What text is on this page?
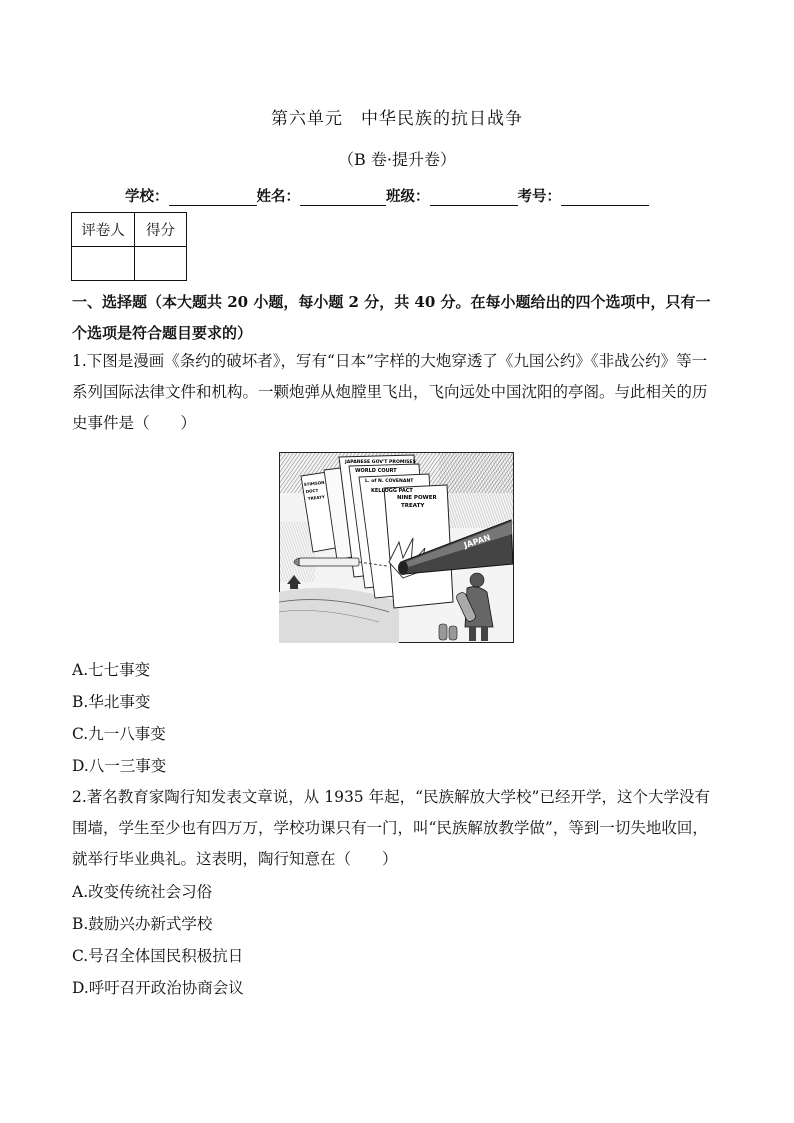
第六单元　中华民族的抗日战争
（B 卷·提升卷）
学校：	姓名：	班级：	考号：
评卷人	得分

一、选择题（本大题共 20 小题，每小题 2 分，共 40 分。在每小题给出的四个选项中，只有一个选项是符合题目要求的）
1.下图是漫画《条约的破坏者》，写有“日本”字样的大炮穿透了《九国公约》《非战公约》等一系列国际法律文件和机构。一颗炮弹从炮膛里飞出，飞向远处中国沈阳的亭阁。与此相关的历史事件是（　　）
JAPANESE GOV'T PROMISES
WORLD COURT
L. of N. COVENANT
KELLOGG PACT
NINE POWER
TREATY
STIMSON
DOCT
TREATY
JAPAN
A.七七事变
B.华北事变
C.九一八事变
D.八一三事变
2.著名教育家陶行知发表文章说，从 1935 年起，“民族解放大学校”已经开学，这个大学没有围墙，学生至少也有四万万，学校功课只有一门，叫“民族解放教学做”，等到一切失地收回，就举行毕业典礼。这表明，陶行知意在（　　）
A.改变传统社会习俗
B.鼓励兴办新式学校
C.号召全体国民积极抗日
D.呼吁召开政治协商会议
